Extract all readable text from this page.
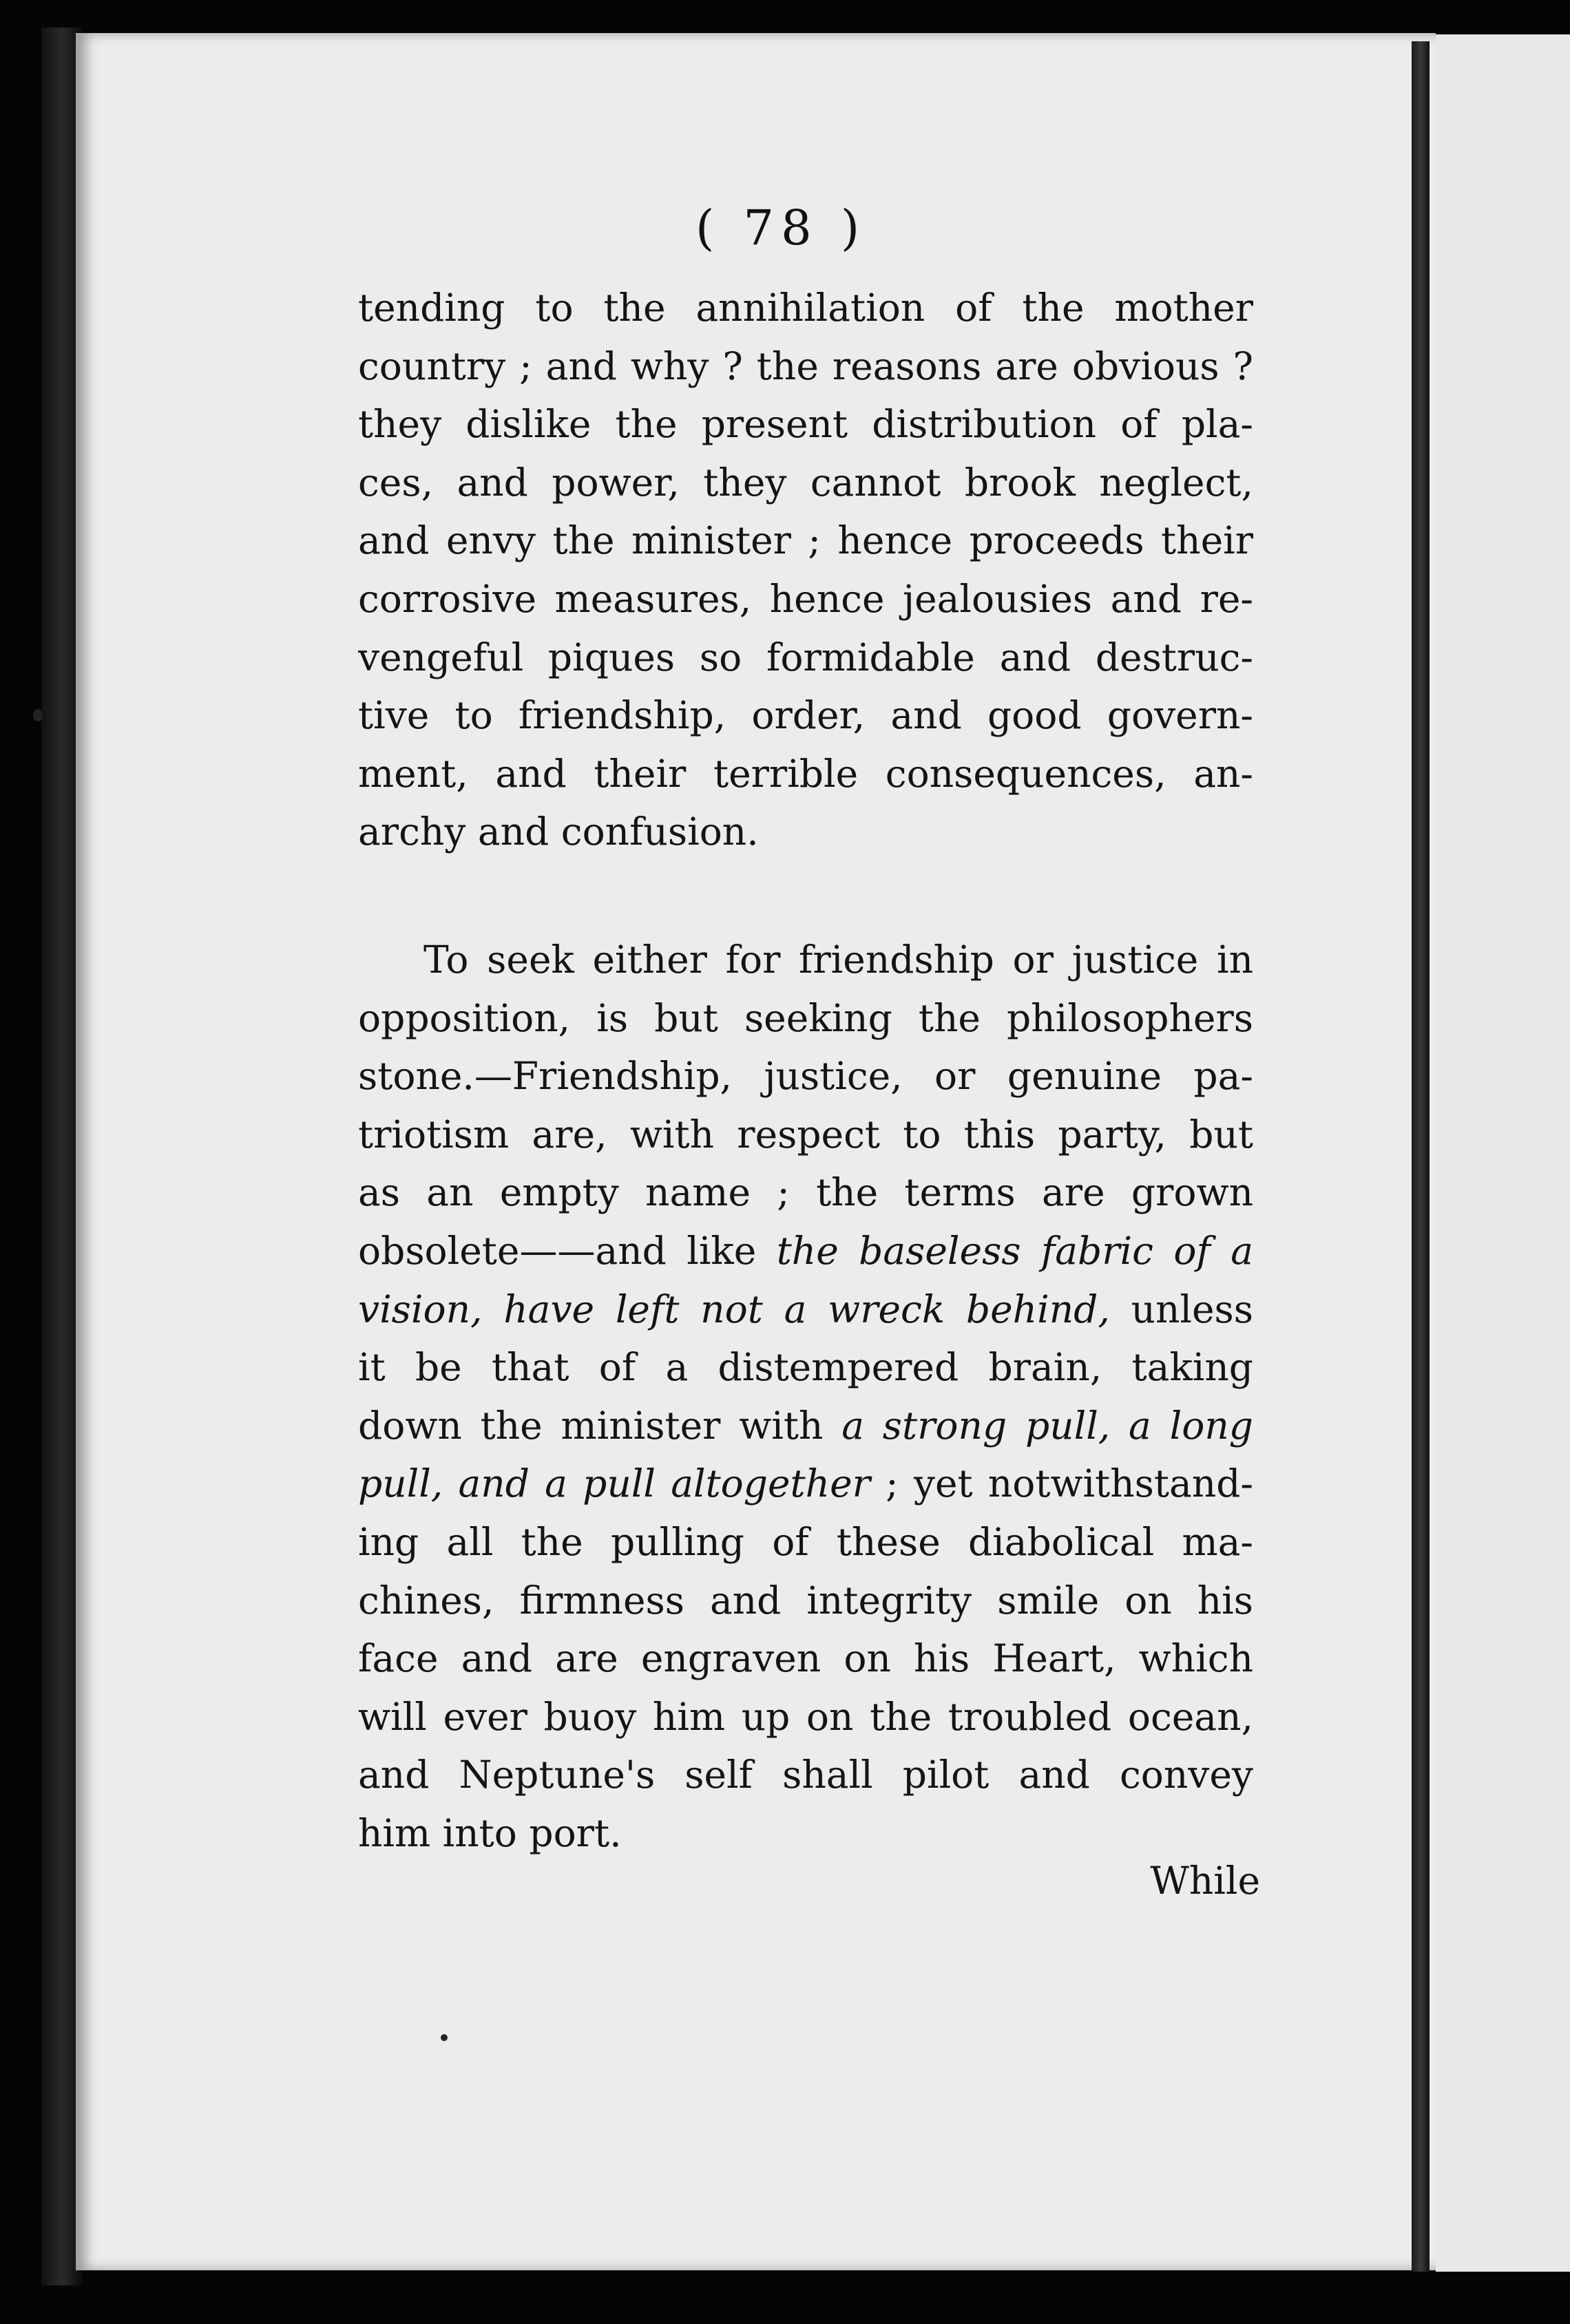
( 78 )
tending to the annihilation of the mother
country ; and why ? the reasons are obvious ?
they dislike the present distribution of pla-
ces, and power, they cannot brook neglect,
and envy the minister ; hence proceeds their
corrosive measures, hence jealousies and re-
vengeful piques so formidable and destruc-
tive to friendship, order, and good govern-
ment, and their terrible consequences, an-
archy and confusion.
To seek either for friendship or justice in
opposition, is but seeking the philosophers
stone.—Friendship, justice, or genuine pa-
triotism are, with respect to this party, but
as an empty name ; the terms are grown
obsolete——and like the baseless fabric of a
vision, have left not a wreck behind, unless
it be that of a distempered brain, taking
down the minister with a strong pull, a long
pull, and a pull altogether ; yet notwithstand-
ing all the pulling of these diabolical ma-
chines, firmness and integrity smile on his
face and are engraven on his Heart, which
will ever buoy him up on the troubled ocean,
and Neptune's self shall pilot and convey
him into port.
While
